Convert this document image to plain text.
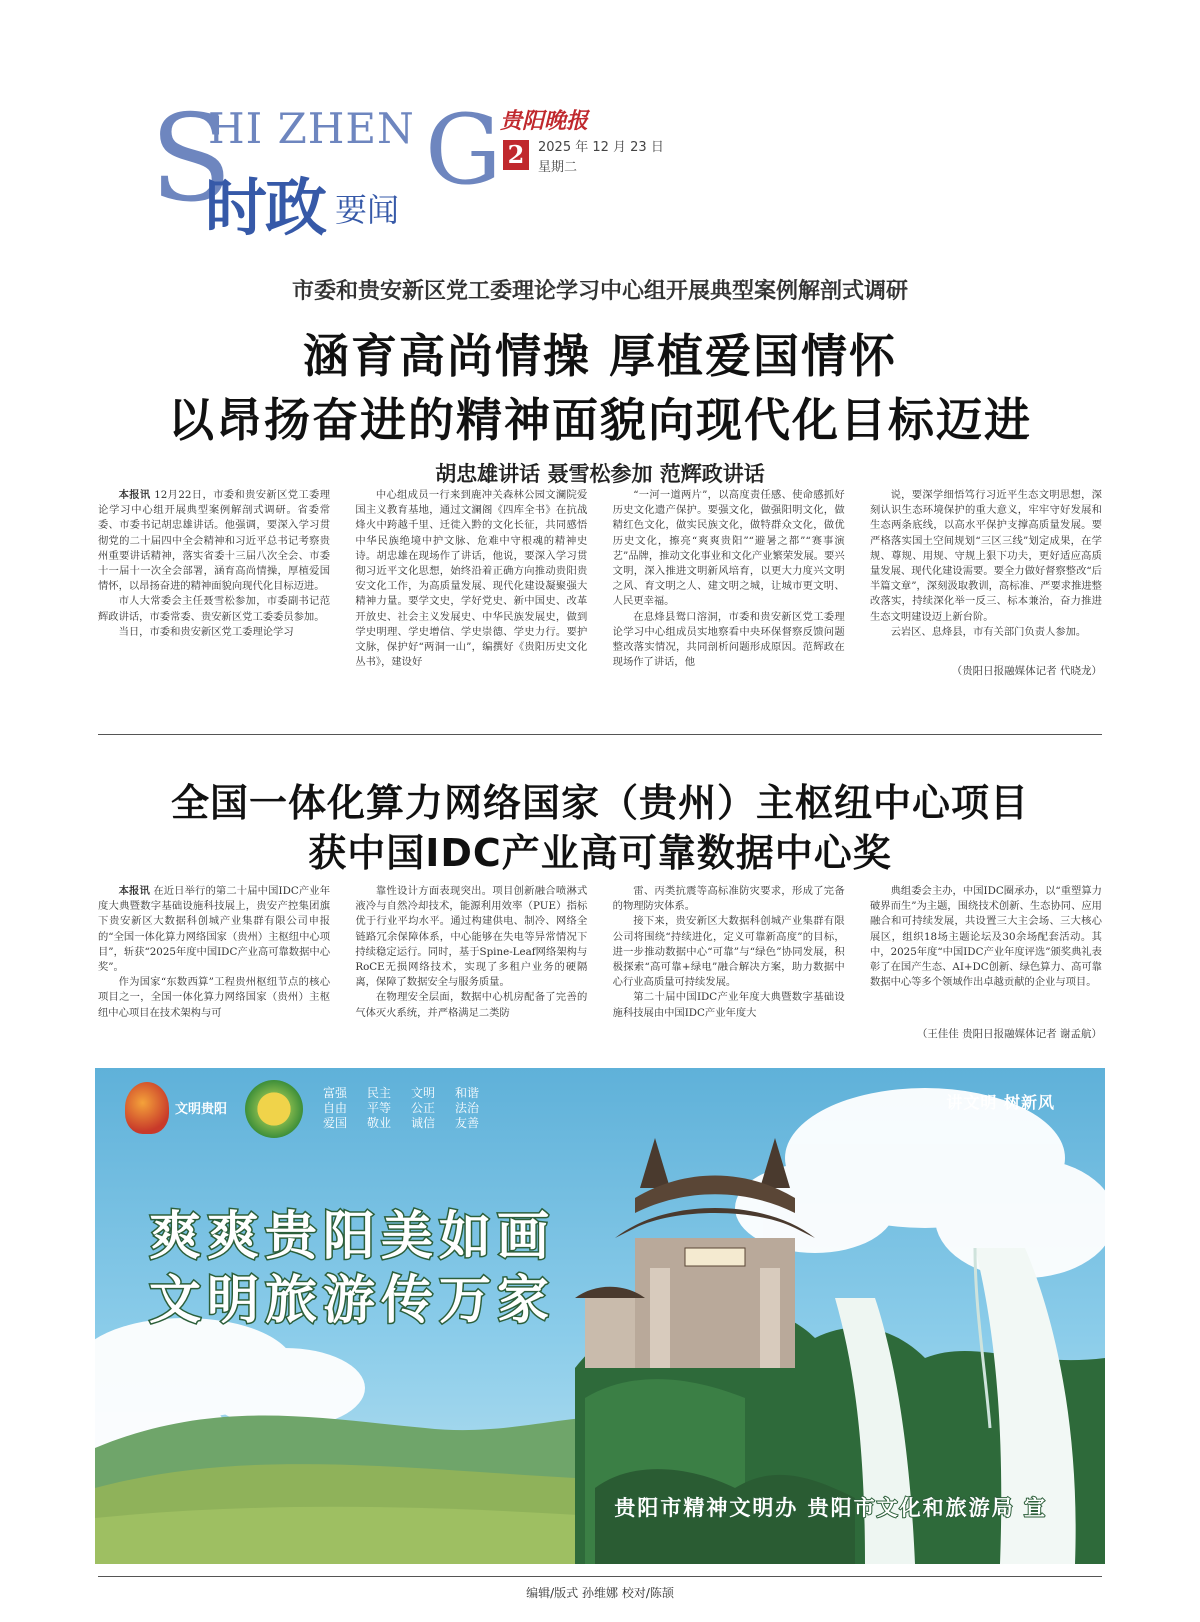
S
HI ZHEN G
时政 要闻
贵阳晚报
2	2025 年 12 月 23 日
星期二
市委和贵安新区党工委理论学习中心组开展典型案例解剖式调研
涵育高尚情操 厚植爱国情怀
以昂扬奋进的精神面貌向现代化目标迈进
胡忠雄讲话 聂雪松参加 范辉政讲话

本报讯 12月22日，市委和贵安新区党工委理论学习中心组开展典型案例解剖式调研。省委常委、市委书记胡忠雄讲话。他强调，要深入学习贯彻党的二十届四中全会精神和习近平总书记考察贵州重要讲话精神，落实省委十三届八次全会、市委十一届十一次全会部署，涵育高尚情操，厚植爱国情怀，以昂扬奋进的精神面貌向现代化目标迈进。

市人大常委会主任聂雪松参加，市委副书记范辉政讲话，市委常委、贵安新区党工委委员参加。

当日，市委和贵安新区党工委理论学习

中心组成员一行来到鹿冲关森林公园文澜院爱国主义教育基地，通过文澜阁《四库全书》在抗战烽火中跨越千里、迁徙入黔的文化长征，共同感悟中华民族绝境中护文脉、危难中守根魂的精神史诗。胡忠雄在现场作了讲话，他说，要深入学习贯彻习近平文化思想，始终沿着正确方向推动贵阳贵安文化工作，为高质量发展、现代化建设凝聚强大精神力量。要学文史，学好党史、新中国史、改革开放史、社会主义发展史、中华民族发展史，做到学史明理、学史增信、学史崇德、学史力行。要护文脉，保护好“两洞一山”，编撰好《贵阳历史文化丛书》，建设好

“一河一道两片”，以高度责任感、使命感抓好历史文化遗产保护。要强文化，做强阳明文化，做精红色文化，做实民族文化，做特群众文化，做优历史文化，擦亮“爽爽贵阳”“避暑之都”“赛事演艺”品牌，推动文化事业和文化产业繁荣发展。要兴文明，深入推进文明新风培育，以更大力度兴文明之风、育文明之人、建文明之城，让城市更文明、人民更幸福。

在息烽县鸳口溶洞，市委和贵安新区党工委理论学习中心组成员实地察看中央环保督察反馈问题整改落实情况，共同剖析问题形成原因。范辉政在现场作了讲话，他

说，要深学细悟笃行习近平生态文明思想，深刻认识生态环境保护的重大意义，牢牢守好发展和生态两条底线，以高水平保护支撑高质量发展。要严格落实国土空间规划“三区三线”划定成果，在学规、尊规、用规、守规上狠下功夫，更好适应高质量发展、现代化建设需要。要全力做好督察整改“后半篇文章”，深刻汲取教训，高标准、严要求推进整改落实，持续深化举一反三、标本兼治，奋力推进生态文明建设迈上新台阶。

云岩区、息烽县，市有关部门负责人参加。

（贵阳日报融媒体记者 代晓龙）
全国一体化算力网络国家（贵州）主枢纽中心项目
获中国IDC产业高可靠数据中心奖

本报讯 在近日举行的第二十届中国IDC产业年度大典暨数字基础设施科技展上，贵安产控集团旗下贵安新区大数据科创城产业集群有限公司申报的“全国一体化算力网络国家（贵州）主枢纽中心项目”，斩获“2025年度中国IDC产业高可靠数据中心奖”。

作为国家“东数西算”工程贵州枢纽节点的核心项目之一，全国一体化算力网络国家（贵州）主枢纽中心项目在技术架构与可

靠性设计方面表现突出。项目创新融合喷淋式液冷与自然冷却技术，能源利用效率（PUE）指标优于行业平均水平。通过构建供电、制冷、网络全链路冗余保障体系，中心能够在失电等异常情况下持续稳定运行。同时，基于Spine-Leaf网络架构与RoCE无损网络技术，实现了多租户业务的硬隔离，保障了数据安全与服务质量。

在物理安全层面，数据中心机房配备了完善的气体灭火系统，并严格满足二类防

雷、丙类抗震等高标准防灾要求，形成了完备的物理防灾体系。

接下来，贵安新区大数据科创城产业集群有限公司将围绕“持续进化，定义可靠新高度”的目标，进一步推动数据中心“可靠”与“绿色”协同发展，积极探索“高可靠+绿电”融合解决方案，助力数据中心行业高质量可持续发展。

第二十届中国IDC产业年度大典暨数字基础设施科技展由中国IDC产业年度大

典组委会主办，中国IDC圈承办，以“重塑算力 破界而生”为主题，围绕技术创新、生态协同、应用融合和可持续发展，共设置三大主会场、三大核心展区，组织18场主题论坛及30余场配套活动。其中，2025年度“中国IDC产业年度评选”颁奖典礼表彰了在国产生态、AI+DC创新、绿色算力、高可靠数据中心等多个领域作出卓越贡献的企业与项目。

（王佳佳 贵阳日报融媒体记者 谢孟航）
文明贵阳
富强	民主	文明	和谐
自由	平等	公正	法治
爱国	敬业	诚信	友善
讲文明 树新风
爽爽贵阳美如画
文明旅游传万家
贵阳市精神文明办 贵阳市文化和旅游局 宣
编辑/版式 孙维娜 校对/陈颉
